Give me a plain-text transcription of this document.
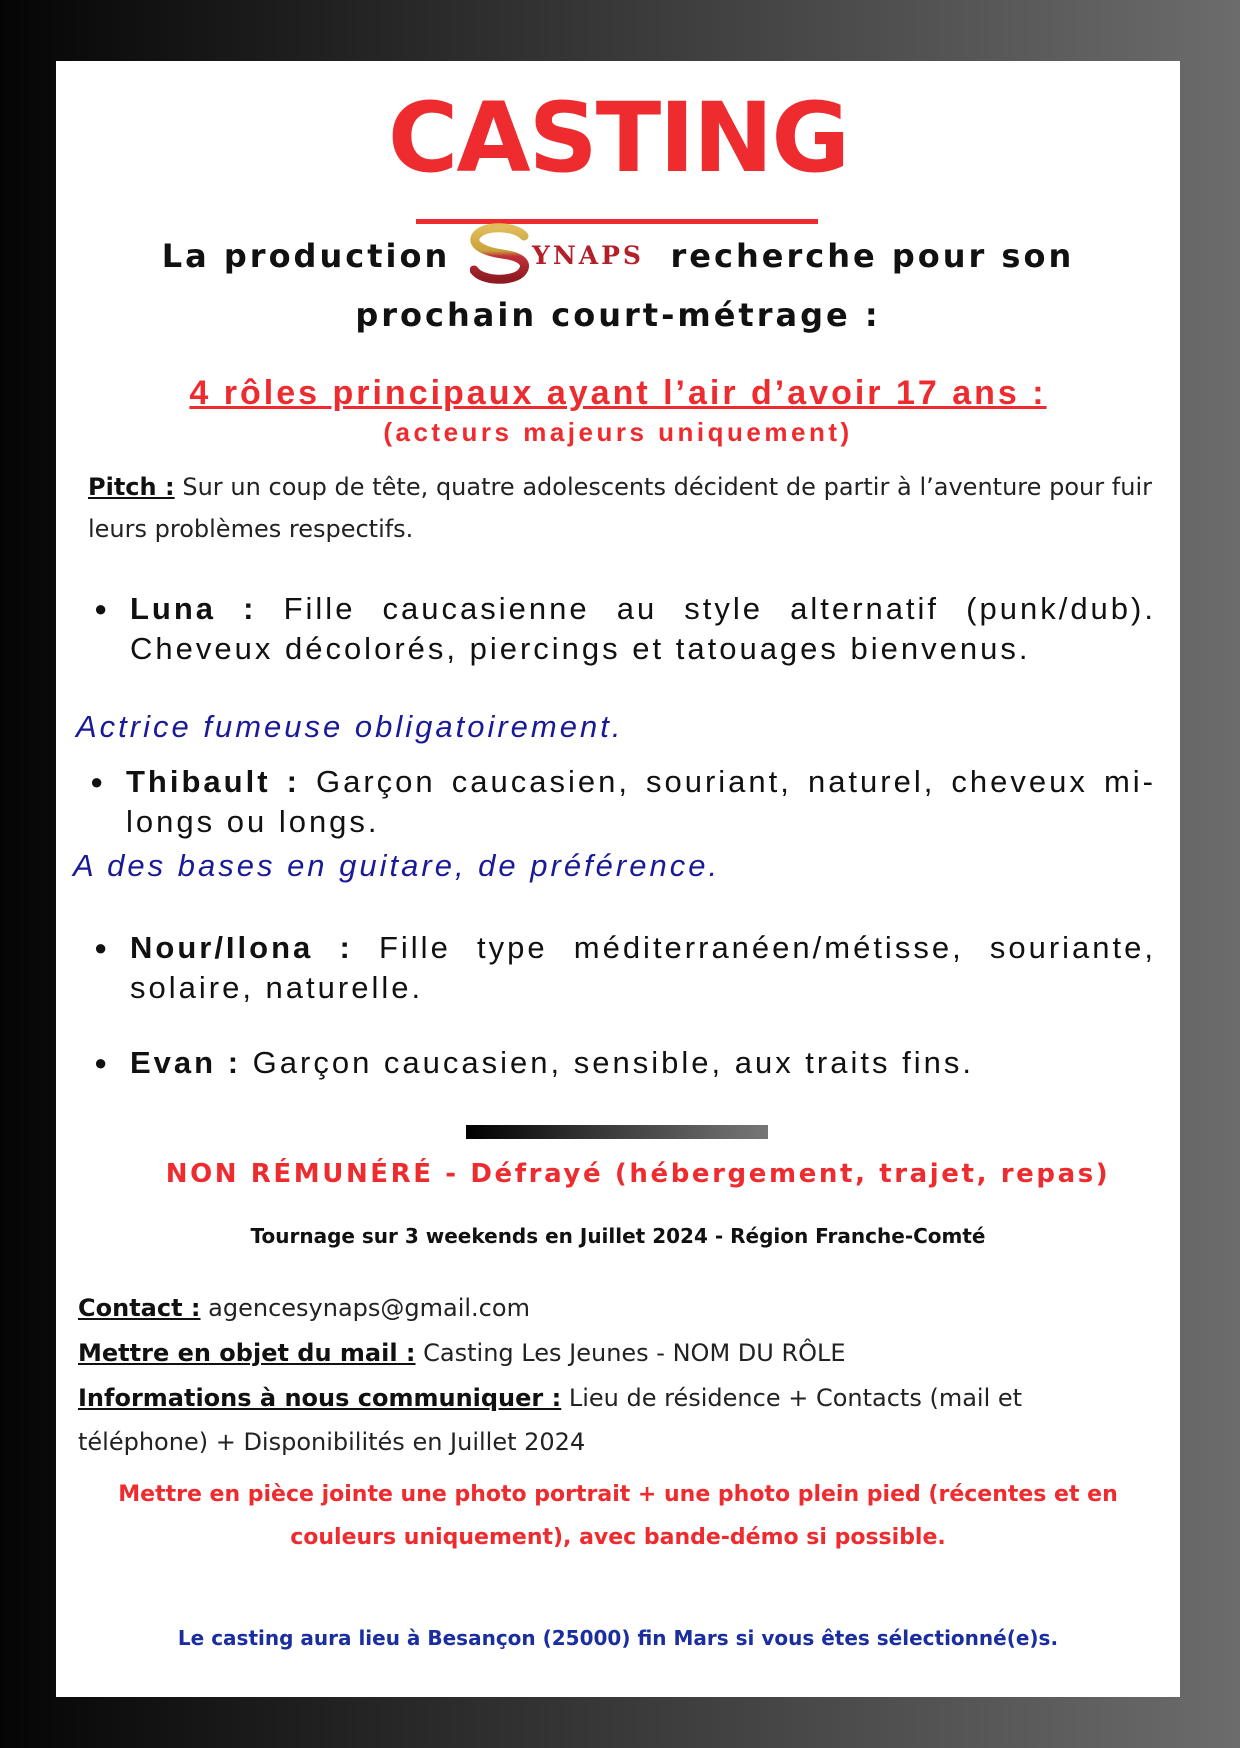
CASTING
La production	YNAPS recherche pour son
prochain court-métrage :
4 rôles principaux ayant l’air d’avoir 17 ans :
(acteurs majeurs uniquement)
Pitch : Sur un coup de tête, quatre adolescents décident de partir à l’aventure pour fuir leurs problèmes respectifs.
● Luna : Fille caucasienne au style alternatif (punk/dub). Cheveux décolorés, piercings et tatouages bienvenus.
Actrice fumeuse obligatoirement.
● Thibault : Garçon caucasien, souriant, naturel, cheveux mi-longs ou longs.
A des bases en guitare, de préférence.
● Nour/Ilona : Fille type méditerranéen/métisse, souriante, solaire, naturelle.
● Evan : Garçon caucasien, sensible, aux traits fins.
NON RÉMUNÉRÉ - Défrayé (hébergement, trajet, repas)
Tournage sur 3 weekends en Juillet 2024 - Région Franche-Comté
Contact : agencesynaps@gmail.com
Mettre en objet du mail : Casting Les Jeunes - NOM DU RÔLE
Informations à nous communiquer : Lieu de résidence + Contacts (mail et téléphone) + Disponibilités en Juillet 2024
Mettre en pièce jointe une photo portrait + une photo plein pied (récentes et en couleurs uniquement), avec bande-démo si possible.
Le casting aura lieu à Besançon (25000) fin Mars si vous êtes sélectionné(e)s.
